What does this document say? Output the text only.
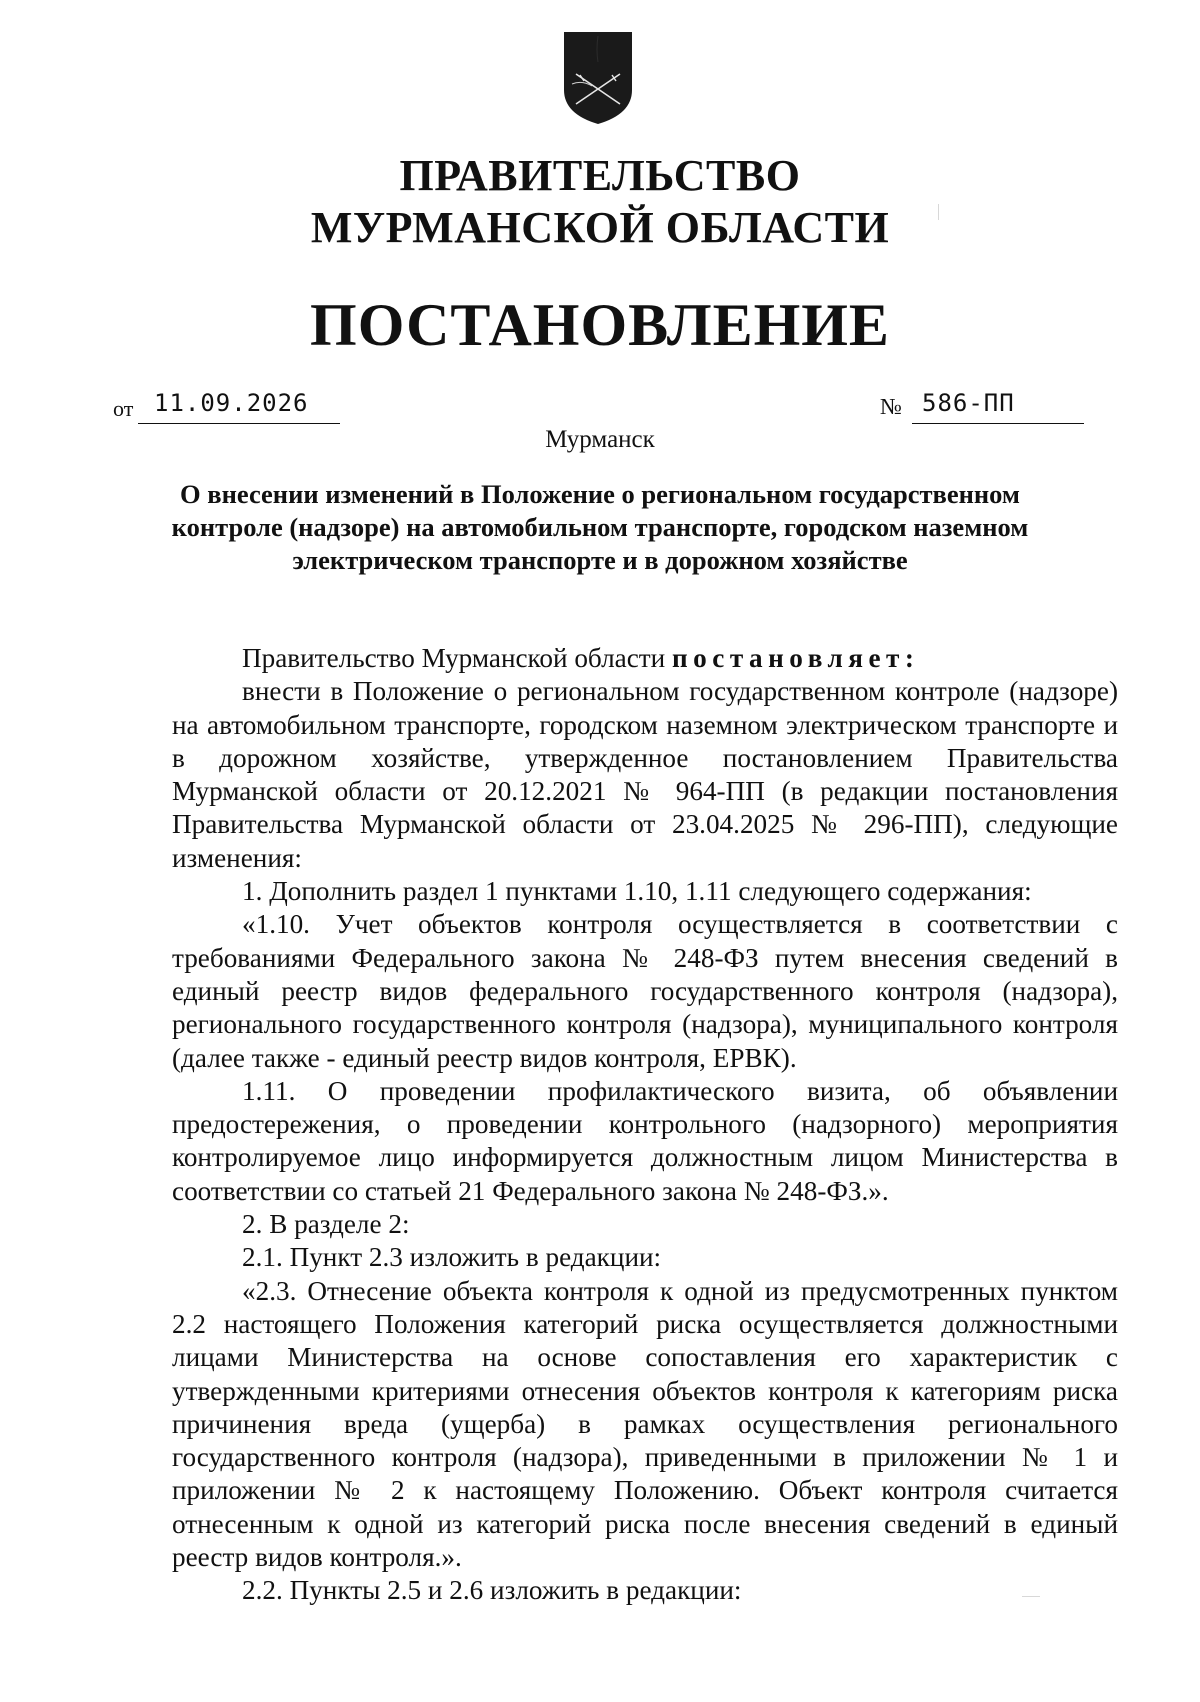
ПРАВИТЕЛЬСТВО
МУРМАНСКОЙ ОБЛАСТИ
ПОСТАНОВЛЕНИЕ
от 11.09.2026	№ 586-ПП
Мурманск
О внесении изменений в Положение о региональном государственном контроле (надзоре) на автомобильном транспорте, городском наземном электрическом транспорте и в дорожном хозяйстве

Правительство Мурманской области постановляет:

внести в Положение о региональном государственном контроле (надзоре) на автомобильном транспорте, городском наземном электрическом транспорте и в дорожном хозяйстве, утвержденное постановлением Правительства Мурманской области от 20.12.2021 № 964-ПП (в редакции постановления Правительства Мурманской области от 23.04.2025 № 296-ПП), следующие изменения:

1. Дополнить раздел 1 пунктами 1.10, 1.11 следующего содержания:

«1.10. Учет объектов контроля осуществляется в соответствии с требованиями Федерального закона № 248-ФЗ путем внесения сведений в единый реестр видов федерального государственного контроля (надзора), регионального государственного контроля (надзора), муниципального контроля (далее также - единый реестр видов контроля, ЕРВК).

1.11. О проведении профилактического визита, об объявлении предостережения, о проведении контрольного (надзорного) мероприятия контролируемое лицо информируется должностным лицом Министерства в соответствии со статьей 21 Федерального закона № 248-ФЗ.».

2. В разделе 2:

2.1. Пункт 2.3 изложить в редакции:

«2.3. Отнесение объекта контроля к одной из предусмотренных пунктом 2.2 настоящего Положения категорий риска осуществляется должностными лицами Министерства на основе сопоставления его характеристик с утвержденными критериями отнесения объектов контроля к категориям риска причинения вреда (ущерба) в рамках осуществления регионального государственного контроля (надзора), приведенными в приложении № 1 и приложении № 2 к настоящему Положению. Объект контроля считается отнесенным к одной из категорий риска после внесения сведений в единый реестр видов контроля.».

2.2. Пункты 2.5 и 2.6 изложить в редакции:
